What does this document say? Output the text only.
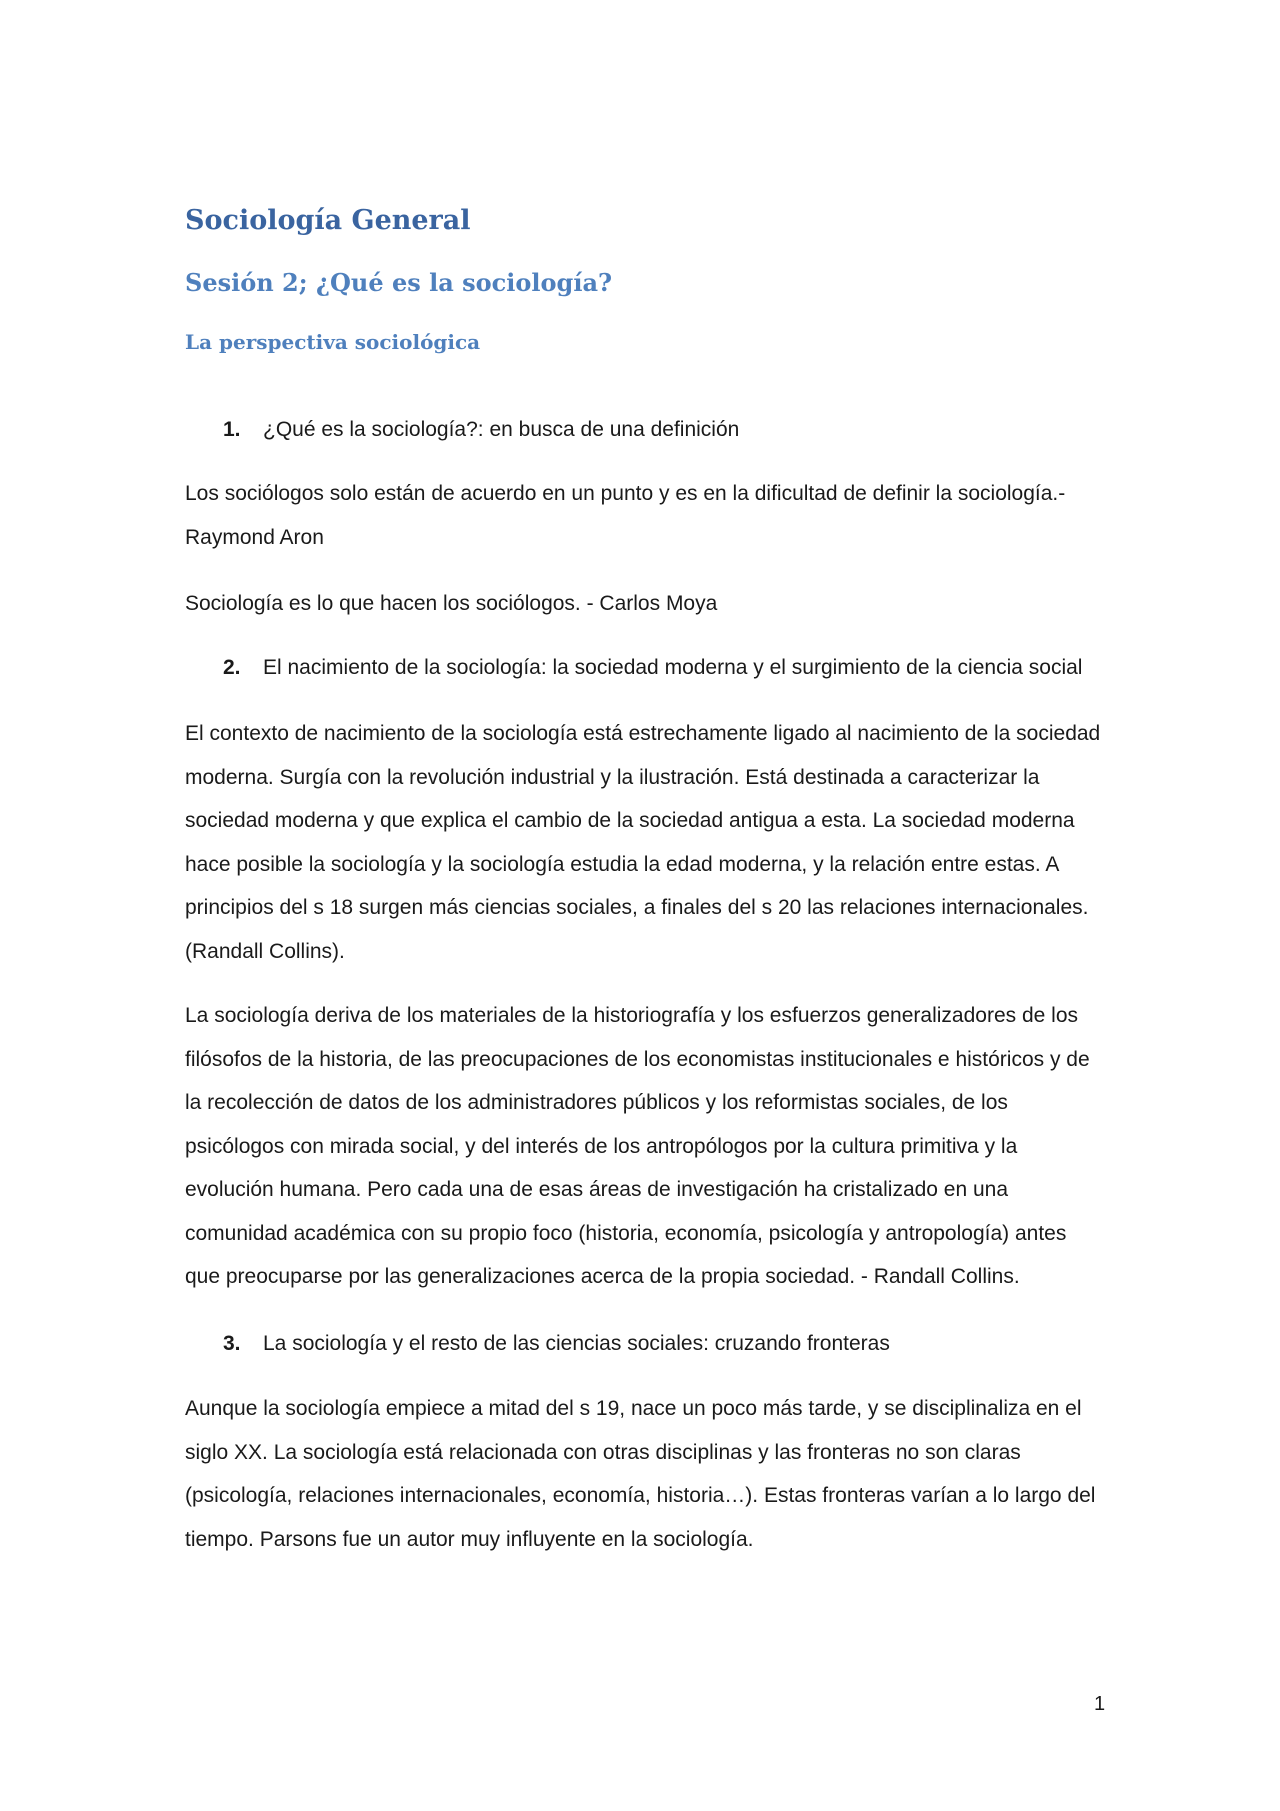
Sociología General
Sesión 2; ¿Qué es la sociología?
La perspectiva sociológica
1. ¿Qué es la sociología?: en busca de una definición

Los sociólogos solo están de acuerdo en un punto y es en la dificultad de definir la sociología.- Raymond Aron

Sociología es lo que hacen los sociólogos. - Carlos Moya

2. El nacimiento de la sociología: la sociedad moderna y el surgimiento de la ciencia social

El contexto de nacimiento de la sociología está estrechamente ligado al nacimiento de la sociedad moderna. Surgía con la revolución industrial y la ilustración. Está destinada a caracterizar la sociedad moderna y que explica el cambio de la sociedad antigua a esta. La sociedad moderna hace posible la sociología y la sociología estudia la edad moderna, y la relación entre estas. A principios del s 18 surgen más ciencias sociales, a finales del s 20 las relaciones internacionales. (Randall Collins).

La sociología deriva de los materiales de la historiografía y los esfuerzos generalizadores de los filósofos de la historia, de las preocupaciones de los economistas institucionales e históricos y de la recolección de datos de los administradores públicos y los reformistas sociales, de los psicólogos con mirada social, y del interés de los antropólogos por la cultura primitiva y la evolución humana. Pero cada una de esas áreas de investigación ha cristalizado en una comunidad académica con su propio foco (historia, economía, psicología y antropología) antes que preocuparse por las generalizaciones acerca de la propia sociedad. - Randall Collins.

3. La sociología y el resto de las ciencias sociales: cruzando fronteras

Aunque la sociología empiece a mitad del s 19, nace un poco más tarde, y se disciplinaliza en el siglo XX. La sociología está relacionada con otras disciplinas y las fronteras no son claras (psicología, relaciones internacionales, economía, historia…). Estas fronteras varían a lo largo del tiempo. Parsons fue un autor muy influyente en la sociología.

1
